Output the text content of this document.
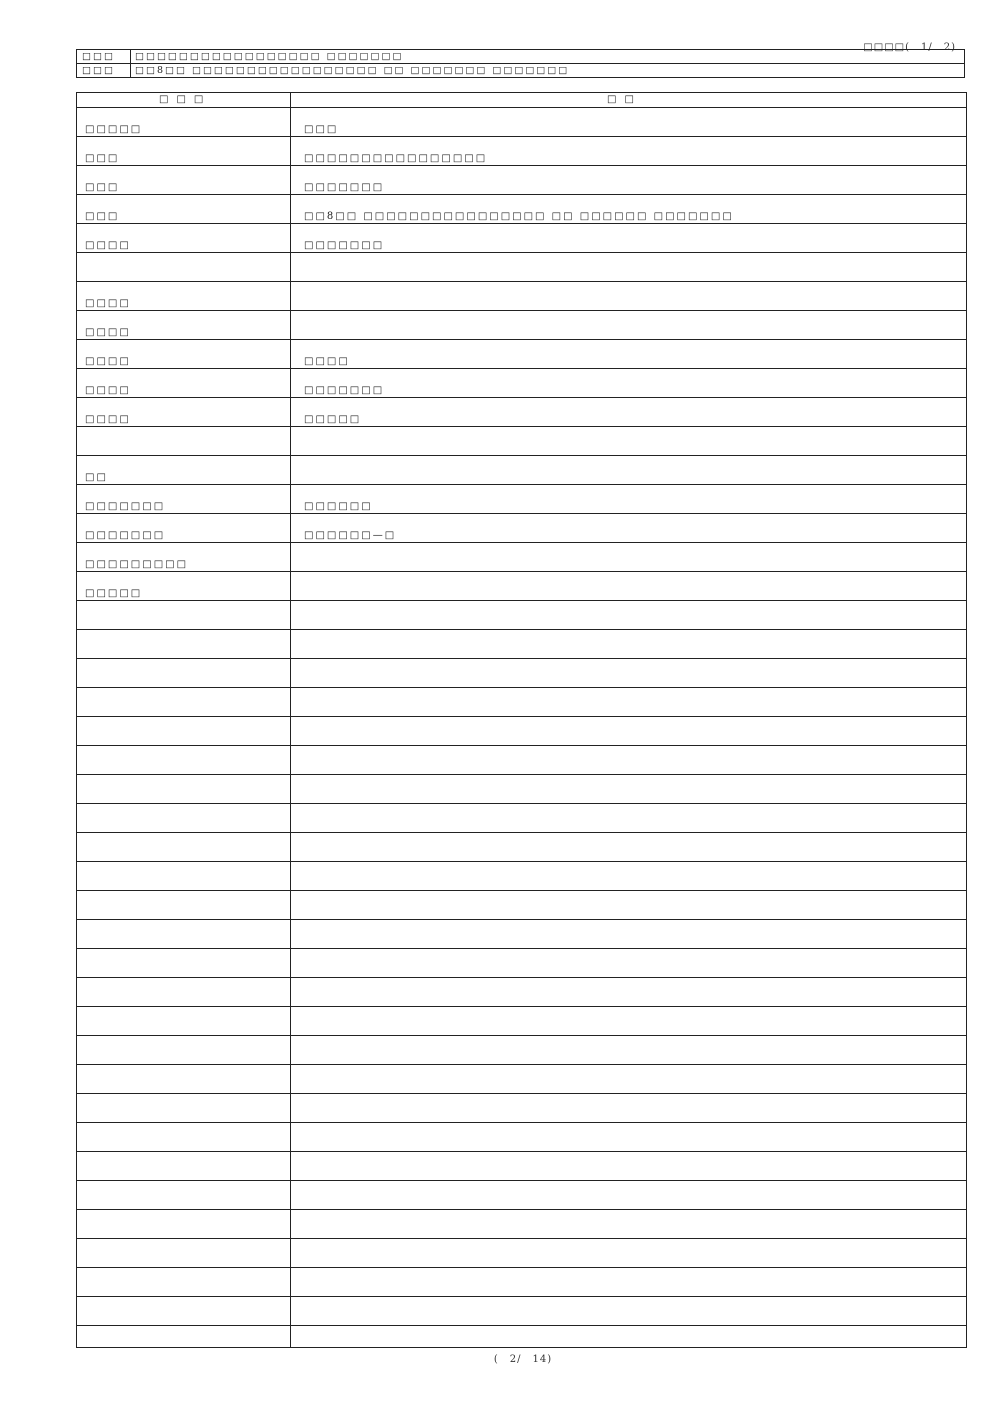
□□□□(　1/　2)
□□□	□□□□□□□□□□□□□□□□□ □□□□□□□
□□□	□□8□□ □□□□□□□□□□□□□□□□□ □□ □□□□□□□ □□□□□□□
□□□	□□
□□□□□	□□□
□□□	□□□□□□□□□□□□□□□□
□□□	□□□□□□□
□□□	□□8□□ □□□□□□□□□□□□□□□□ □□ □□□□□□ □□□□□□□
□□□□	□□□□□□□
□□□□
□□□□
□□□□	□□□□
□□□□	□□□□□□□
□□□□	□□□□□
□□
□□□□□□□	□□□□□□
□□□□□□□	□□□□□□—□
□□□□□□□□□
□□□□□
(　2/　14)
